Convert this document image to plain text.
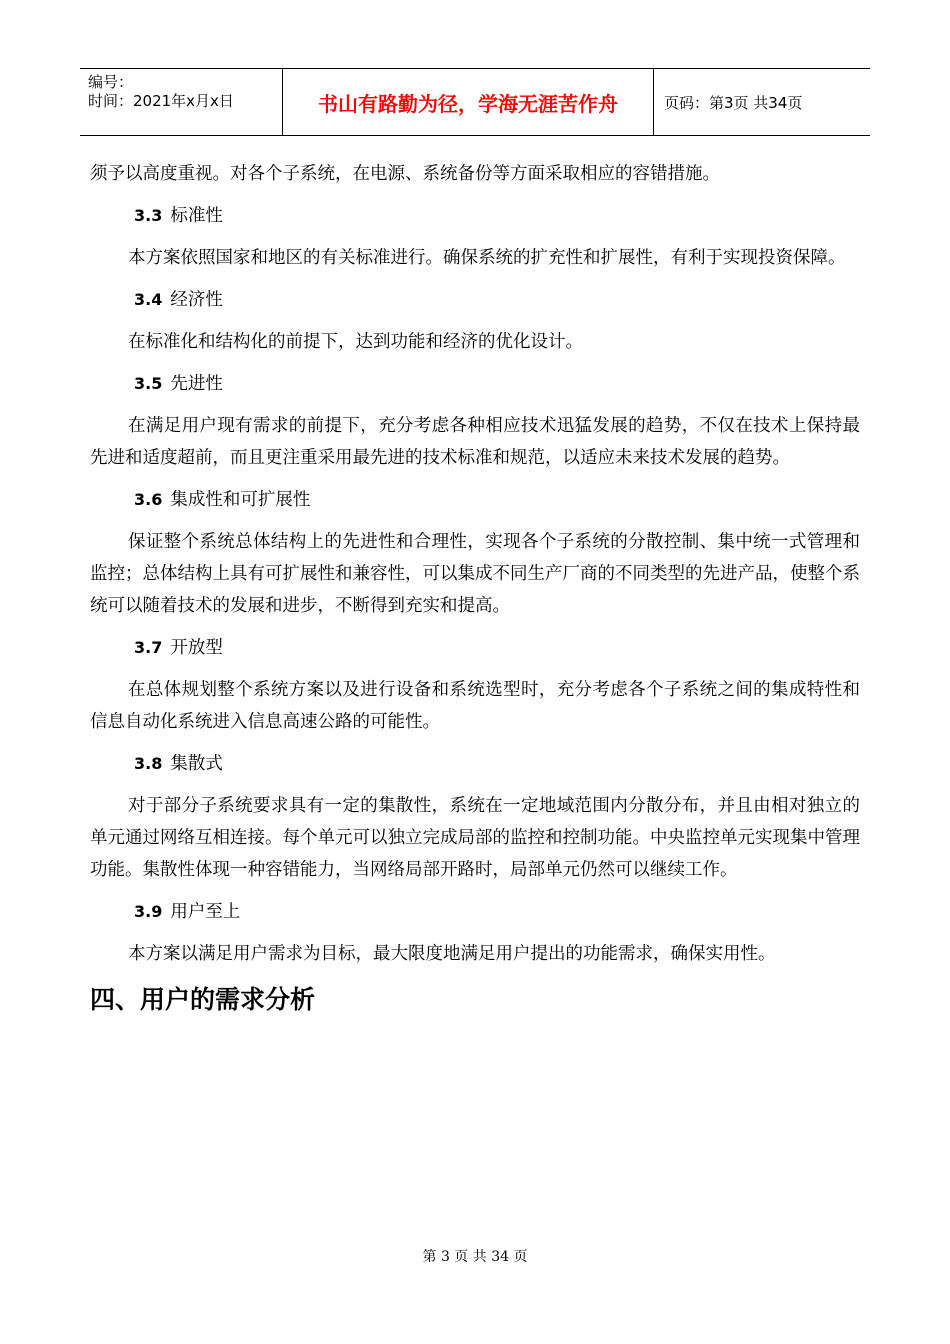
编号：
时间：2021年x月x日	书山有路勤为径，学海无涯苦作舟	页码：第3页 共34页

须予以高度重视。对各个子系统，在电源、系统备份等方面采取相应的容错措施。

3.3 标准性

本方案依照国家和地区的有关标准进行。确保系统的扩充性和扩展性，有利于实现投资保障。

3.4 经济性

在标准化和结构化的前提下，达到功能和经济的优化设计。

3.5 先进性

在满足用户现有需求的前提下，充分考虑各种相应技术迅猛发展的趋势，不仅在技术上保持最先进和适度超前，而且更注重采用最先进的技术标准和规范，以适应未来技术发展的趋势。

3.6 集成性和可扩展性

保证整个系统总体结构上的先进性和合理性，实现各个子系统的分散控制、集中统一式管理和监控；总体结构上具有可扩展性和兼容性，可以集成不同生产厂商的不同类型的先进产品，使整个系统可以随着技术的发展和进步，不断得到充实和提高。

3.7 开放型

在总体规划整个系统方案以及进行设备和系统选型时，充分考虑各个子系统之间的集成特性和信息自动化系统进入信息高速公路的可能性。

3.8 集散式

对于部分子系统要求具有一定的集散性，系统在一定地域范围内分散分布，并且由相对独立的单元通过网络互相连接。每个单元可以独立完成局部的监控和控制功能。中央监控单元实现集中管理功能。集散性体现一种容错能力，当网络局部开路时，局部单元仍然可以继续工作。

3.9 用户至上

本方案以满足用户需求为目标，最大限度地满足用户提出的功能需求，确保实用性。

四、用户的需求分析
第 3 页 共 34 页
